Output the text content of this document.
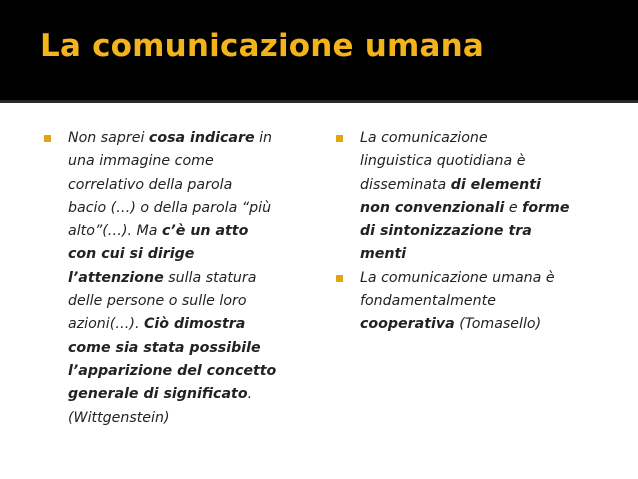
La comunicazione umana
Non saprei cosa indicare in
una immagine come
correlativo della parola
bacio (…) o della parola “più
alto”(…). Ma c’è un atto
con cui si dirige
l’attenzione sulla statura
delle persone o sulle loro
azioni(…). Ciò dimostra
come sia stata possibile
l’apparizione del concetto
generale di significato.
(Wittgenstein)
La comunicazione
linguistica quotidiana è
disseminata di elementi
non convenzionali e forme
di sintonizzazione tra
menti
La comunicazione umana è
fondamentalmente
cooperativa (Tomasello)
